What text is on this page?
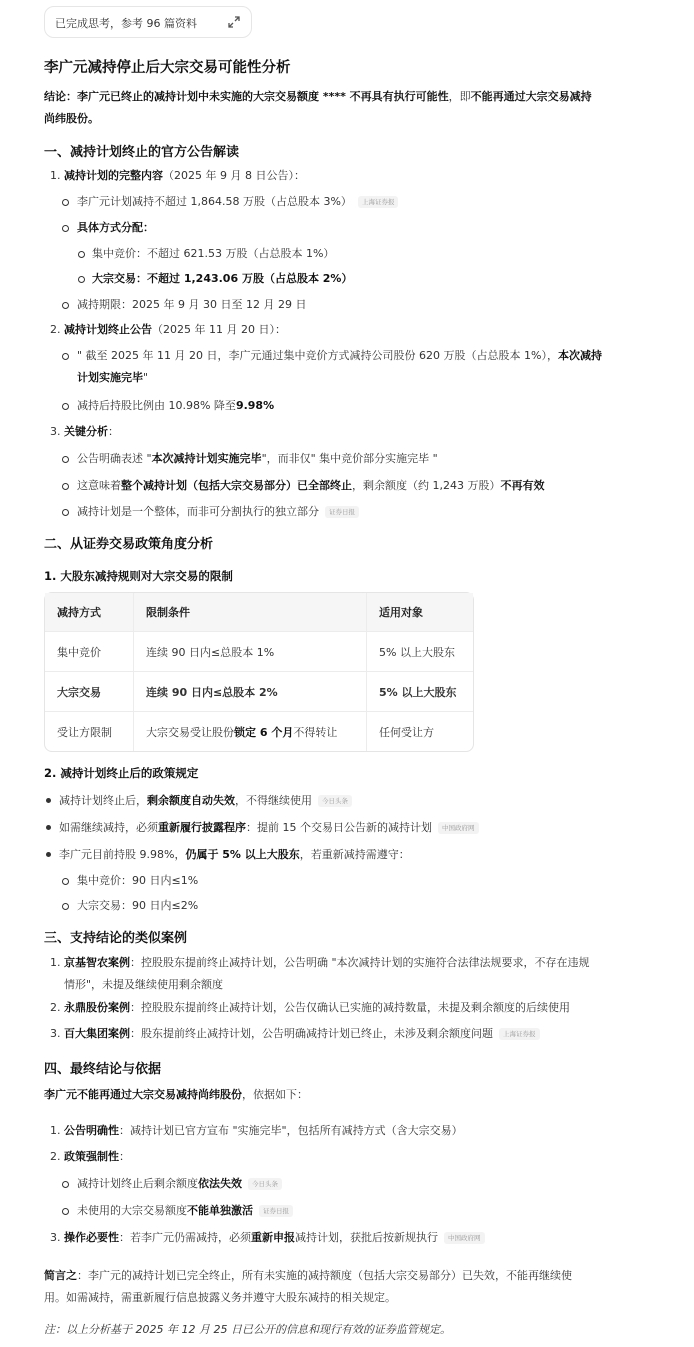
已完成思考，参考 96 篇资料
李广元减持停止后大宗交易可能性分析
结论：李广元已终止的减持计划中未实施的大宗交易额度 **** 不再具有执行可能性，即不能再通过大宗交易减持
尚纬股份。
一、减持计划终止的官方公告解读
1. 减持计划的完整内容（2025 年 9 月 8 日公告）：
李广元计划减持不超过 1,864.58 万股（占总股本 3%） 上海证券报
具体方式分配：
集中竞价：不超过 621.53 万股（占总股本 1%）
大宗交易：不超过 1,243.06 万股（占总股本 2%）
减持期限：2025 年 9 月 30 日至 12 月 29 日
2. 减持计划终止公告（2025 年 11 月 20 日）：
" 截至 2025 年 11 月 20 日，李广元通过集中竞价方式减持公司股份 620 万股（占总股本 1%），本次减持
计划实施完毕"
减持后持股比例由 10.98% 降至9.98%
3. 关键分析：
公告明确表述 "本次减持计划实施完毕"，而非仅" 集中竞价部分实施完毕 "
这意味着整个减持计划（包括大宗交易部分）已全部终止，剩余额度（约 1,243 万股）不再有效
减持计划是一个整体，而非可分割执行的独立部分 证券日报
二、从证券交易政策角度分析
1. 大股东减持规则对大宗交易的限制
减持方式	限制条件	适用对象
集中竞价	连续 90 日内≤总股本 1%	5% 以上大股东
大宗交易	连续 90 日内≤总股本 2%	5% 以上大股东
受让方限制	大宗交易受让股份锁定 6 个月不得转让	任何受让方
2. 减持计划终止后的政策规定
减持计划终止后，剩余额度自动失效，不得继续使用 今日头条
如需继续减持，必须重新履行披露程序：提前 15 个交易日公告新的减持计划 中国政府网
李广元目前持股 9.98%，仍属于 5% 以上大股东，若重新减持需遵守：
集中竞价：90 日内≤1%
大宗交易：90 日内≤2%
三、支持结论的类似案例
1. 京基智农案例：控股股东提前终止减持计划，公告明确 "本次减持计划的实施符合法律法规要求，不存在违规
情形"，未提及继续使用剩余额度
2. 永鼎股份案例：控股股东提前终止减持计划，公告仅确认已实施的减持数量，未提及剩余额度的后续使用
3. 百大集团案例：股东提前终止减持计划，公告明确减持计划已终止，未涉及剩余额度问题 上海证券报
四、最终结论与依据
李广元不能再通过大宗交易减持尚纬股份，依据如下：
1. 公告明确性：减持计划已官方宣布 "实施完毕"，包括所有减持方式（含大宗交易）
2. 政策强制性：
减持计划终止后剩余额度依法失效 今日头条
未使用的大宗交易额度不能单独激活 证券日报
3. 操作必要性：若李广元仍需减持，必须重新申报减持计划，获批后按新规执行 中国政府网
简言之：李广元的减持计划已完全终止，所有未实施的减持额度（包括大宗交易部分）已失效，不能再继续使
用。如需减持，需重新履行信息披露义务并遵守大股东减持的相关规定。
注：以上分析基于 2025 年 12 月 25 日已公开的信息和现行有效的证券监管规定。
